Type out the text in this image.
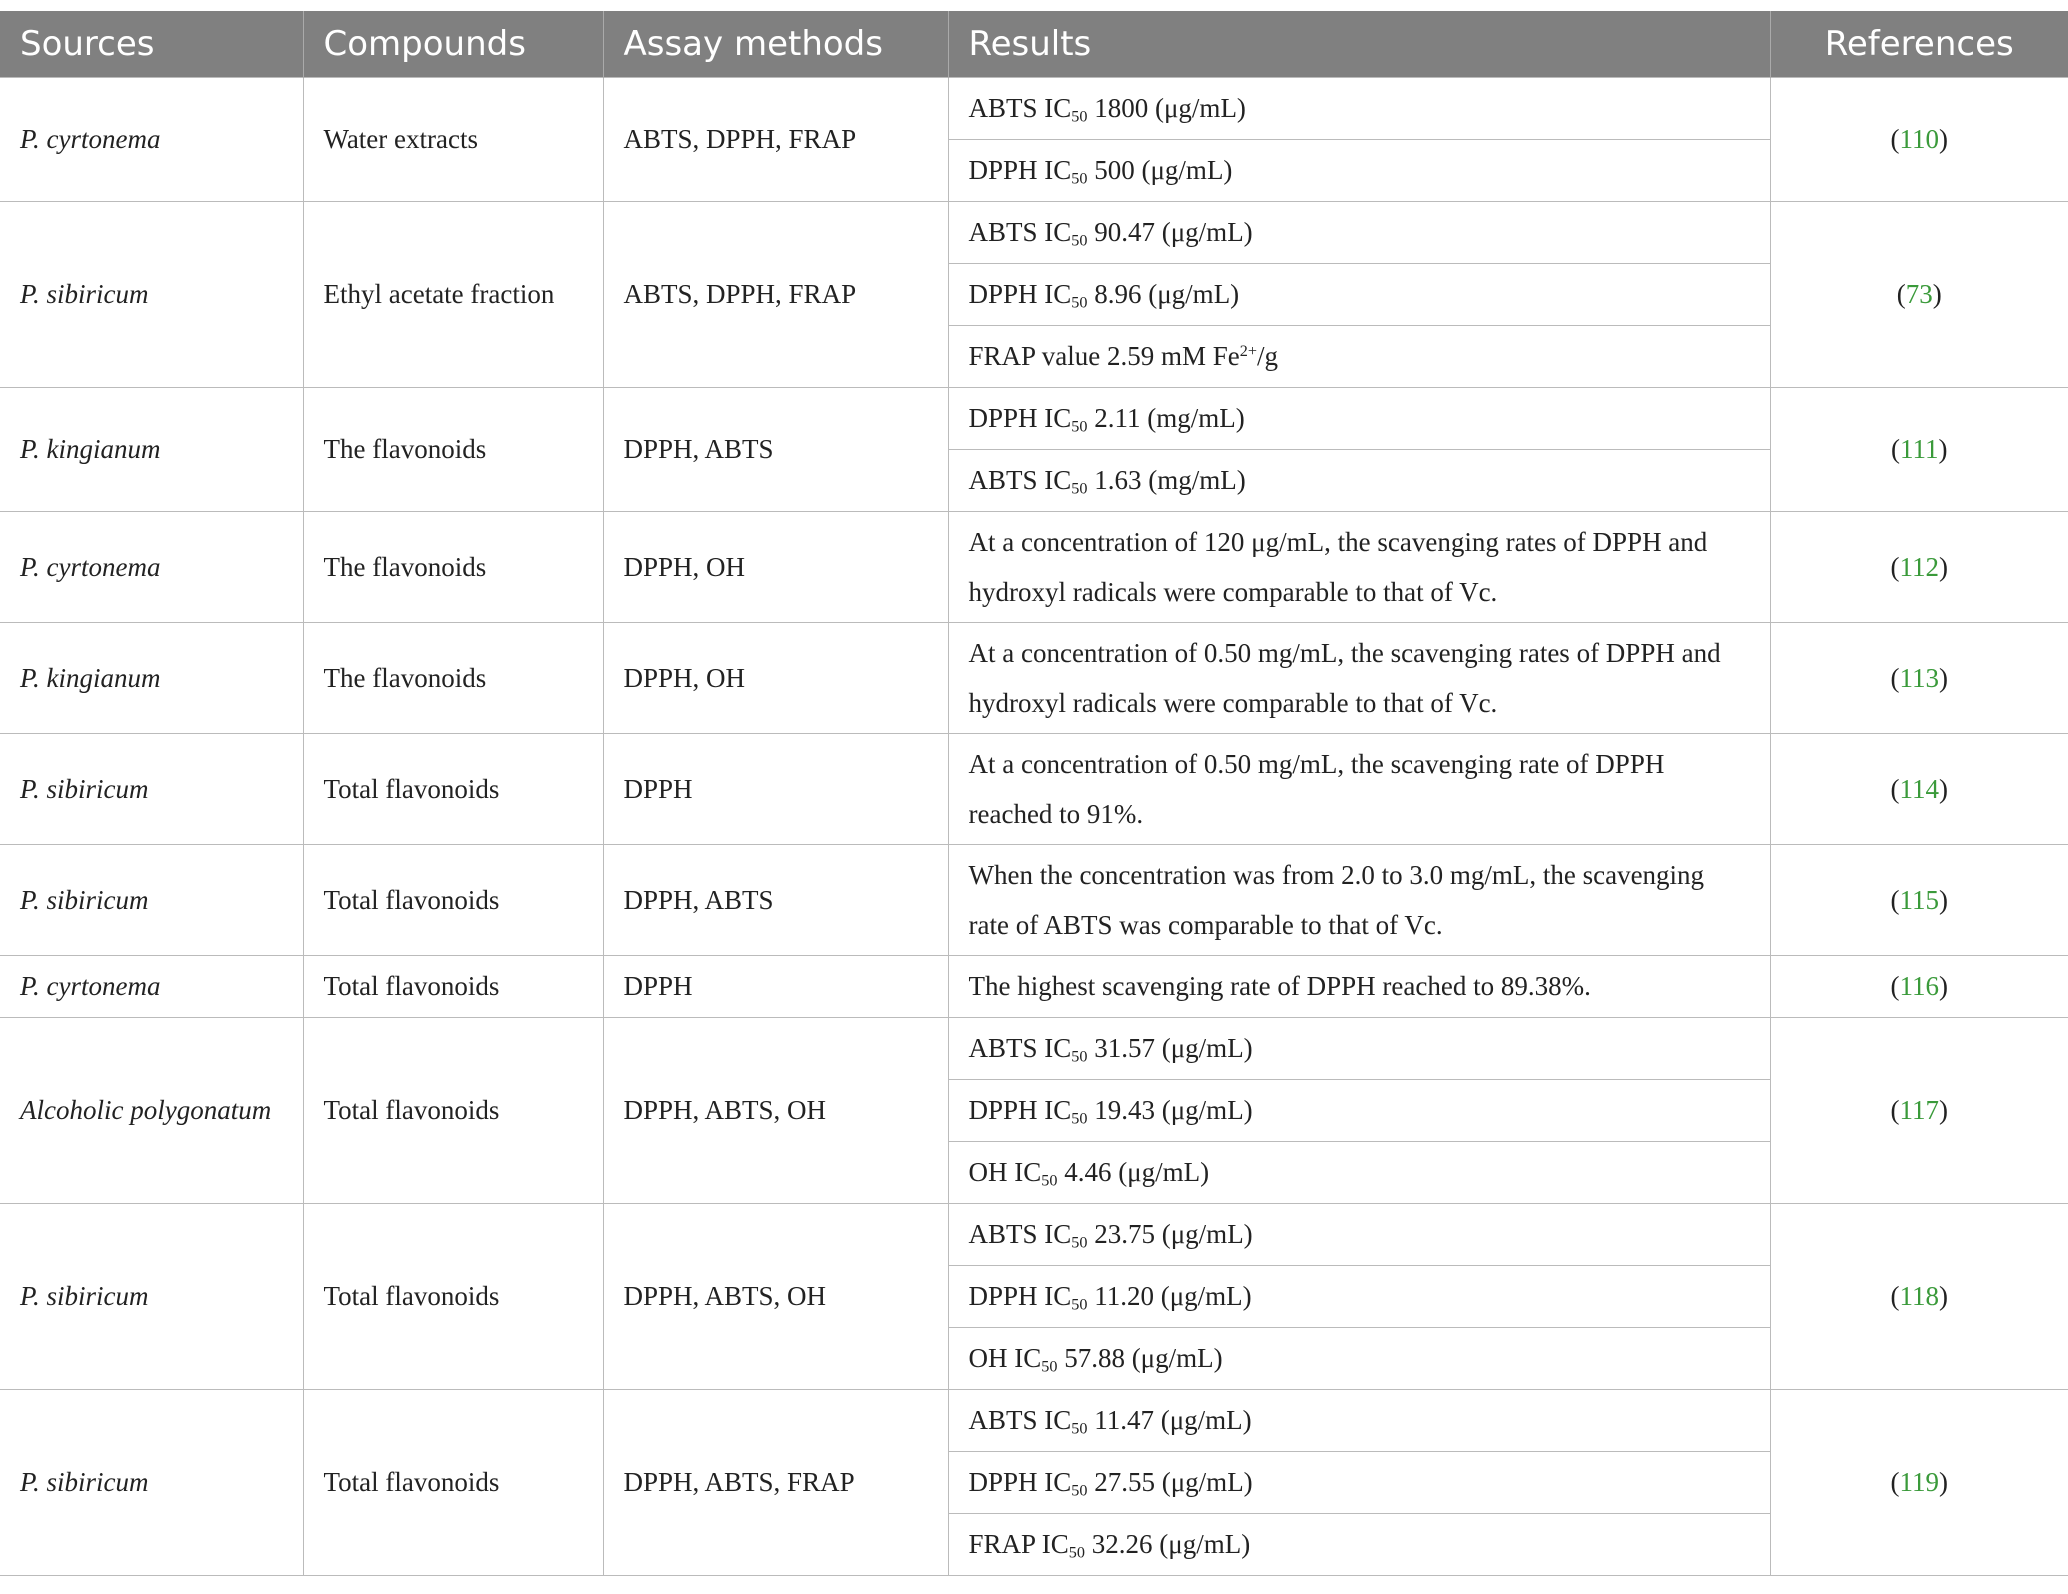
Sources	Compounds	Assay methods	Results	References
P. cyrtonema	Water extracts	ABTS, DPPH, FRAP	ABTS $IC_{50}$ 1800 (μg/mL)	(110)
			DPPH $IC_{50}$ 500 (μg/mL)	
P. sibiricum	Ethyl acetate fraction	ABTS, DPPH, FRAP	ABTS $IC_{50}$ 90.47 (μg/mL)	(73)
			DPPH $IC_{50}$ 8.96 (μg/mL)	
			FRAP value 2.59 mM $Fe^{2+}/g$	
P. kingianum	The flavonoids	DPPH, ABTS	DPPH $IC_{50}$ 2.11 (mg/mL)	(111)
			ABTS $IC_{50}$ 1.63 (mg/mL)	
P. cyrtonema	The flavonoids	DPPH, OH	At a concentration of 120 μg/mL, the scavenging rates of DPPH and hydroxyl radicals were comparable to that of Vc.	(112)
P. kingianum	The flavonoids	DPPH, OH	At a concentration of 0.50 mg/mL, the scavenging rates of DPPH and hydroxyl radicals were comparable to that of Vc.	(113)
P. sibiricum	Total flavonoids	DPPH	At a concentration of 0.50 mg/mL, the scavenging rate of DPPH reached to 91%.	(114)
P. sibiricum	Total flavonoids	DPPH, ABTS	When the concentration was from 2.0 to 3.0 mg/mL, the scavenging rate of ABTS was comparable to that of Vc.	(115)
P. cyrtonema	Total flavonoids	DPPH	The highest scavenging rate of DPPH reached to 89.38%.	(116)
Alcoholic polygonatum	Total flavonoids	DPPH, ABTS, OH	ABTS $IC_{50}$ 31.57 (μg/mL)	(117)
			DPPH $IC_{50}$ 19.43 (μg/mL)	
			OH $IC_{50}$ 4.46 (μg/mL)	
P. sibiricum	Total flavonoids	DPPH, ABTS, OH	ABTS $IC_{50}$ 23.75 (μg/mL)	(118)
			DPPH $IC_{50}$ 11.20 (μg/mL)	
			OH $IC_{50}$ 57.88 (μg/mL)	
P. sibiricum	Total flavonoids	DPPH, ABTS, FRAP	ABTS $IC_{50}$ 11.47 (μg/mL)	(119)
			DPPH $IC_{50}$ 27.55 (μg/mL)	
			FRAP $IC_{50}$ 32.26 (μg/mL)	
